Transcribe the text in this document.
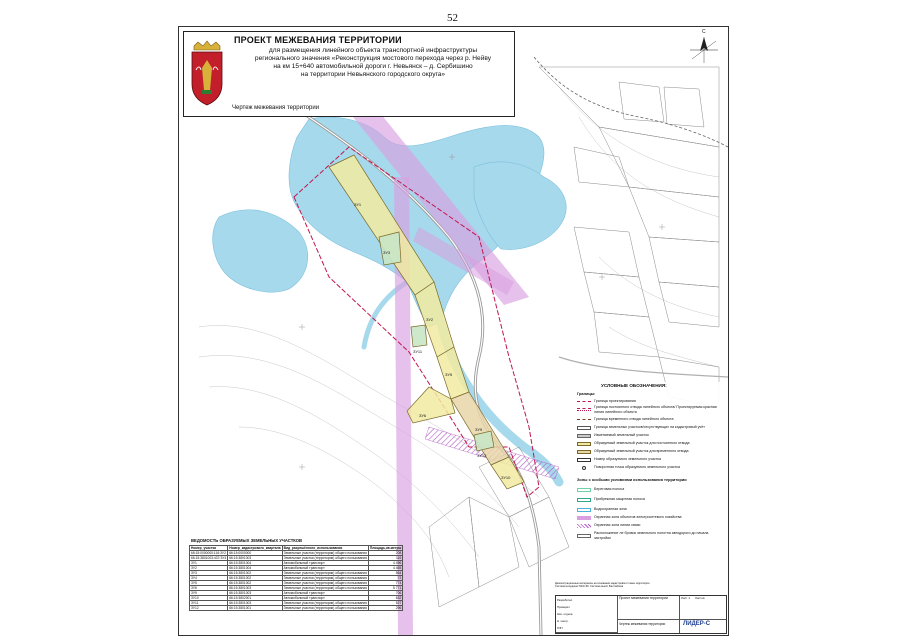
52
ЗУ1
ЗУ2
ЗУ3
ЗУ5
ЗУ6
ЗУ9
ЗУ10
ЗУ11
ЗУ12
ПРОЕКТ МЕЖЕВАНИЯ ТЕРРИТОРИИ
для размещения линейного объекта транспортной инфраструктуры
регионального значения «Реконструкция мостового перехода через р. Нейву
на км 15+640 автомобильной дороги г. Невьянск – д. Сербишино
на территории Невьянского городского округа»
Чертеж межевания территории
С
УСЛОВНЫЕ ОБОЗНАЧЕНИЯ:
Границы:
Граница проектирования
Граница постоянного отвода линейного объекта/ Проектируемая красная линия линейного объекта
Граница временного отвода линейного объекта
Граница земельных участков/отсутствующих на кадастровый учёт
Изменяемый земельный участок
Образуемый земельный участок для постоянного отвода
Образуемый земельный участок для временного отвода
Номер образуемого земельного участка
Поворотная точка образуемого земельного участка
Зоны с особыми условиями использования территории
Береговая полоса
Прибрежная защитная полоса
Водоохранная зона
Охранная зона объектов электросетевого хозяйства
Охранная зона линии связи
Расположение ле бровок земельного полотна автодороги до начала застройки
ВЕДОМОСТЬ ОБРАЗУЕМЫХ ЗЕМЕЛЬНЫХ УЧАСТКОВ
Номер_участка	Номер_кадастрового_квартала	Вид_разрешённого_использования	Площадь,кв.метры
66:15:0000000:116:ЗУ2	66:15:0000000	Земельные участки (территории) общего пользования	208
66:15:3801003:437:ЗУ4	66:15:3801003	Земельные участки (территории) общего пользования	116
ЗУ1	66:15:3801004	Автомобильный транспорт	4 496
ЗУ2	66:15:3801004	Автомобильный транспорт	4 465
ЗУ3	66:15:3801002	Земельные участки (территории) общего пользования	564
ЗУ4	66:15:3801002	Земельные участки (территории) общего пользования	72
ЗУ5	66:15:3801002	Земельные участки (территории) общего пользования	774
ЗУ6	66:15:3801003	Земельные участки (территории) общего пользования	5 771
ЗУ9	66:15:3801003	Автомобильный транспорт	706
ЗУ10	66:15:3802001	Автомобильный транспорт	632
ЗУ11	66:15:3801003	Земельные участки (территории) общего пользования	527
ЗУ12	66:15:3801001	Земельные участки (территории) общего пользования	296
Демонстрационные материалы на основании кадастрового плана территории
Система координат МСК-66; Система высот Балтийская
Разработал
Проверил
Нач. отдела
Н. контр.
ГИП
Проект межевания территории	Лист 1 Листов
Чертеж межевания территории	ЛИДЕР-С
